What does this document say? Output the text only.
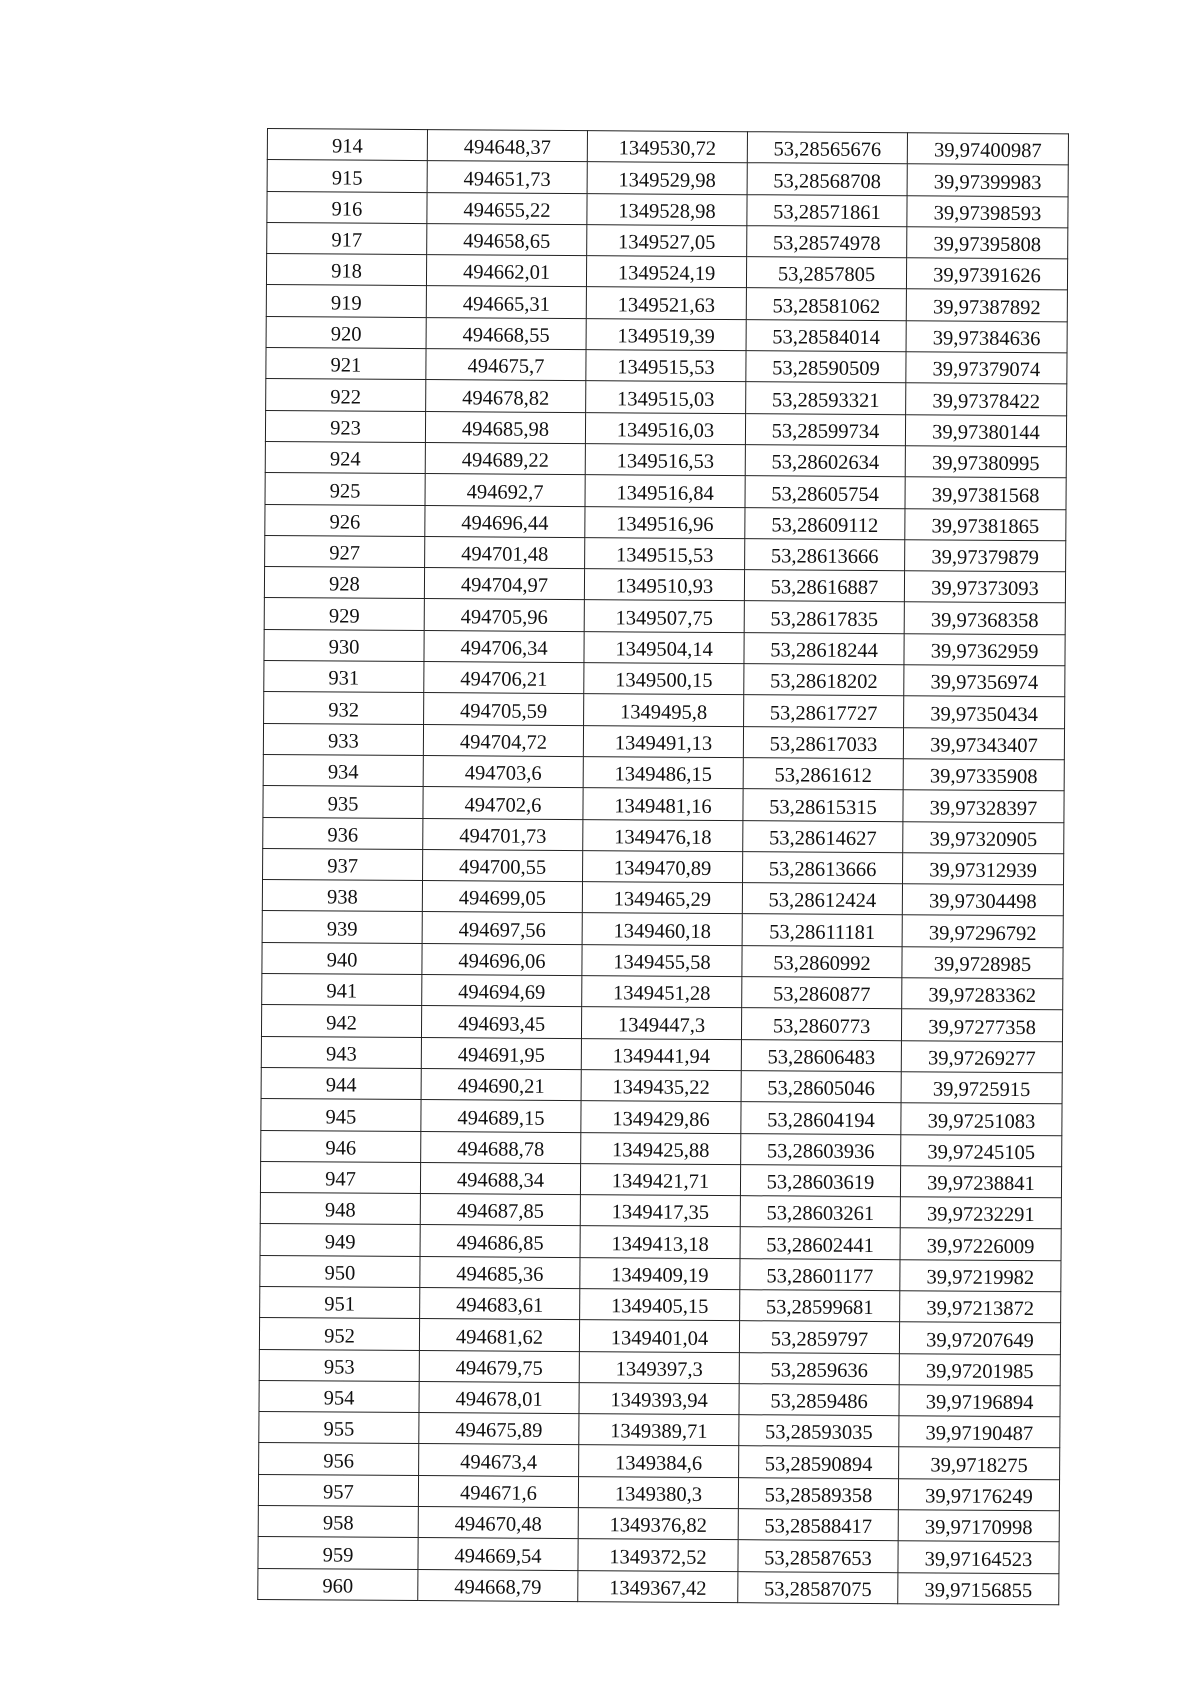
914	494648,37	1349530,72	53,28565676	39,97400987
915	494651,73	1349529,98	53,28568708	39,97399983
916	494655,22	1349528,98	53,28571861	39,97398593
917	494658,65	1349527,05	53,28574978	39,97395808
918	494662,01	1349524,19	53,2857805	39,97391626
919	494665,31	1349521,63	53,28581062	39,97387892
920	494668,55	1349519,39	53,28584014	39,97384636
921	494675,7	1349515,53	53,28590509	39,97379074
922	494678,82	1349515,03	53,28593321	39,97378422
923	494685,98	1349516,03	53,28599734	39,97380144
924	494689,22	1349516,53	53,28602634	39,97380995
925	494692,7	1349516,84	53,28605754	39,97381568
926	494696,44	1349516,96	53,28609112	39,97381865
927	494701,48	1349515,53	53,28613666	39,97379879
928	494704,97	1349510,93	53,28616887	39,97373093
929	494705,96	1349507,75	53,28617835	39,97368358
930	494706,34	1349504,14	53,28618244	39,97362959
931	494706,21	1349500,15	53,28618202	39,97356974
932	494705,59	1349495,8	53,28617727	39,97350434
933	494704,72	1349491,13	53,28617033	39,97343407
934	494703,6	1349486,15	53,2861612	39,97335908
935	494702,6	1349481,16	53,28615315	39,97328397
936	494701,73	1349476,18	53,28614627	39,97320905
937	494700,55	1349470,89	53,28613666	39,97312939
938	494699,05	1349465,29	53,28612424	39,97304498
939	494697,56	1349460,18	53,28611181	39,97296792
940	494696,06	1349455,58	53,2860992	39,9728985
941	494694,69	1349451,28	53,2860877	39,97283362
942	494693,45	1349447,3	53,2860773	39,97277358
943	494691,95	1349441,94	53,28606483	39,97269277
944	494690,21	1349435,22	53,28605046	39,9725915
945	494689,15	1349429,86	53,28604194	39,97251083
946	494688,78	1349425,88	53,28603936	39,97245105
947	494688,34	1349421,71	53,28603619	39,97238841
948	494687,85	1349417,35	53,28603261	39,97232291
949	494686,85	1349413,18	53,28602441	39,97226009
950	494685,36	1349409,19	53,28601177	39,97219982
951	494683,61	1349405,15	53,28599681	39,97213872
952	494681,62	1349401,04	53,2859797	39,97207649
953	494679,75	1349397,3	53,2859636	39,97201985
954	494678,01	1349393,94	53,2859486	39,97196894
955	494675,89	1349389,71	53,28593035	39,97190487
956	494673,4	1349384,6	53,28590894	39,9718275
957	494671,6	1349380,3	53,28589358	39,97176249
958	494670,48	1349376,82	53,28588417	39,97170998
959	494669,54	1349372,52	53,28587653	39,97164523
960	494668,79	1349367,42	53,28587075	39,97156855
